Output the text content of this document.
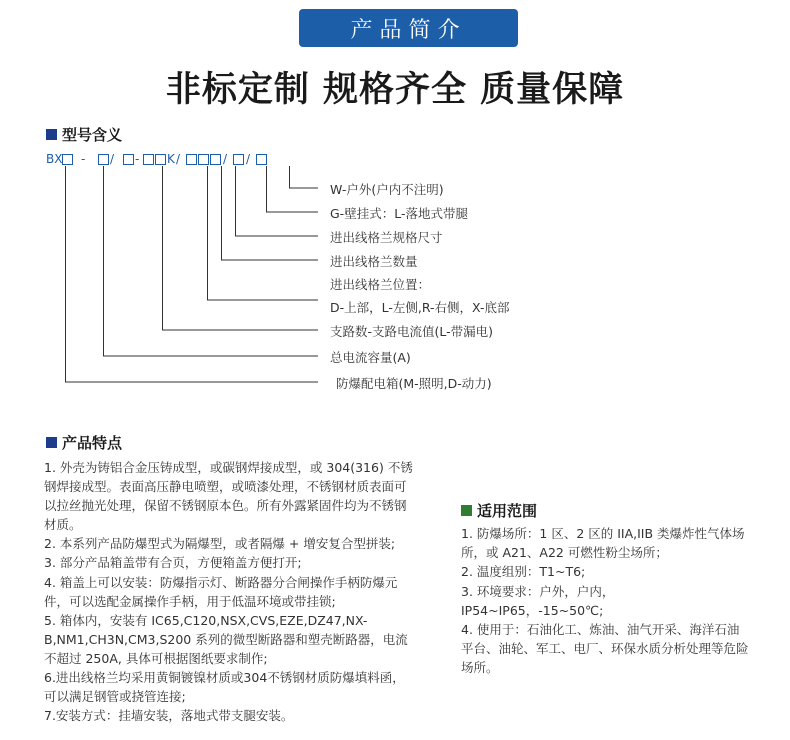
产品简介
非标定制 规格齐全 质量保障
型号含义
BX - / - K /	/ /
W-户外(户内不注明)
G-壁挂式：L-落地式带腿
进出线格兰规格尺寸
进出线格兰数量
进出线格兰位置：
D-上部，L-左侧,R-右侧，X-底部
支路数-支路电流值(L-带漏电)
总电流容量(A)
防爆配电箱(M-照明,D-动力)
产品特点

1. 外壳为铸铝合金压铸成型，或碳钢焊接成型，或 304(316) 不锈钢焊接成型。表面高压静电喷塑，或喷漆处理，不锈钢材质表面可以拉丝抛光处理，保留不锈钢原本色。所有外露紧固件均为不锈钢材质。

2. 本系列产品防爆型式为隔爆型，或者隔爆 + 增安复合型拼装;

3. 部分产品箱盖带有合页，方便箱盖方便打开;

4. 箱盖上可以安装：防爆指示灯、断路器分合闸操作手柄防爆元件，可以选配金属操作手柄，用于低温环境或带挂锁;

5. 箱体内，安装有 IC65,C120,NSX,CVS,EZE,DZ47,NX-B,NM1,CH3N,CM3,S200 系列的微型断路器和塑壳断路器，电流不超过 250A, 具体可根据图纸要求制作;

6.进出线格兰均采用黄铜镀镍材质或304不锈钢材质防爆填料函，可以满足钢管或挠管连接;

7.安装方式：挂墙安装，落地式带支腿安装。

适用范围

1. 防爆场所：1 区、2 区的 IIA,IIB 类爆炸性气体场所，或 A21、A22 可燃性粉尘场所；

2. 温度组别：T1~T6;

3. 环境要求：户外，户内，IP54~IP65，-15~50℃;

4. 使用于：石油化工、炼油、油气开采、海洋石油平台、油轮、军工、电厂、环保水质分析处理等危险场所。
